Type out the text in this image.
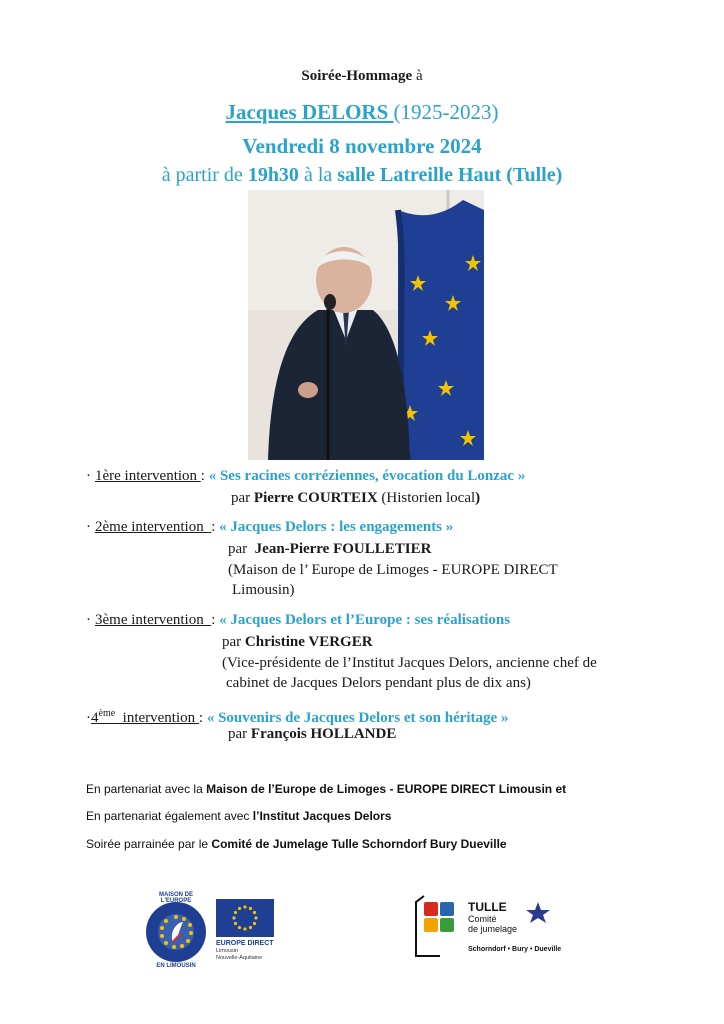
Soirée-Hommage à
Jacques DELORS (1925-2023)
Vendredi 8 novembre 2024
à partir de 19h30 à la salle Latreille Haut (Tulle)
· 1ère intervention : « Ses racines corréziennes, évocation du Lonzac »
par Pierre COURTEIX (Historien local)
· 2ème intervention  : « Jacques Delors : les engagements »
par  Jean-Pierre FOULLETIER
(Maison de l’ Europe de Limoges - EUROPE DIRECT
Limousin)
· 3ème intervention  : « Jacques Delors et l’Europe : ses réalisations
par Christine VERGER
(Vice-présidente de l’Institut Jacques Delors, ancienne chef de
cabinet de Jacques Delors pendant plus de dix ans)
·4ème  intervention : « Souvenirs de Jacques Delors et son héritage »
par François HOLLANDE
En partenariat avec la Maison de l’Europe de Limoges - EUROPE DIRECT Limousin et
En partenariat également avec l’Institut Jacques Delors
Soirée parrainée par le Comité de Jumelage Tulle Schorndorf Bury Dueville
MAISON DE L'EUROPE
EN LIMOUSIN
EUROPE DIRECT
Limousin
Nouvelle-Aquitaine
TULLE
Comité
de jumelage
Schorndorf • Bury • Dueville
